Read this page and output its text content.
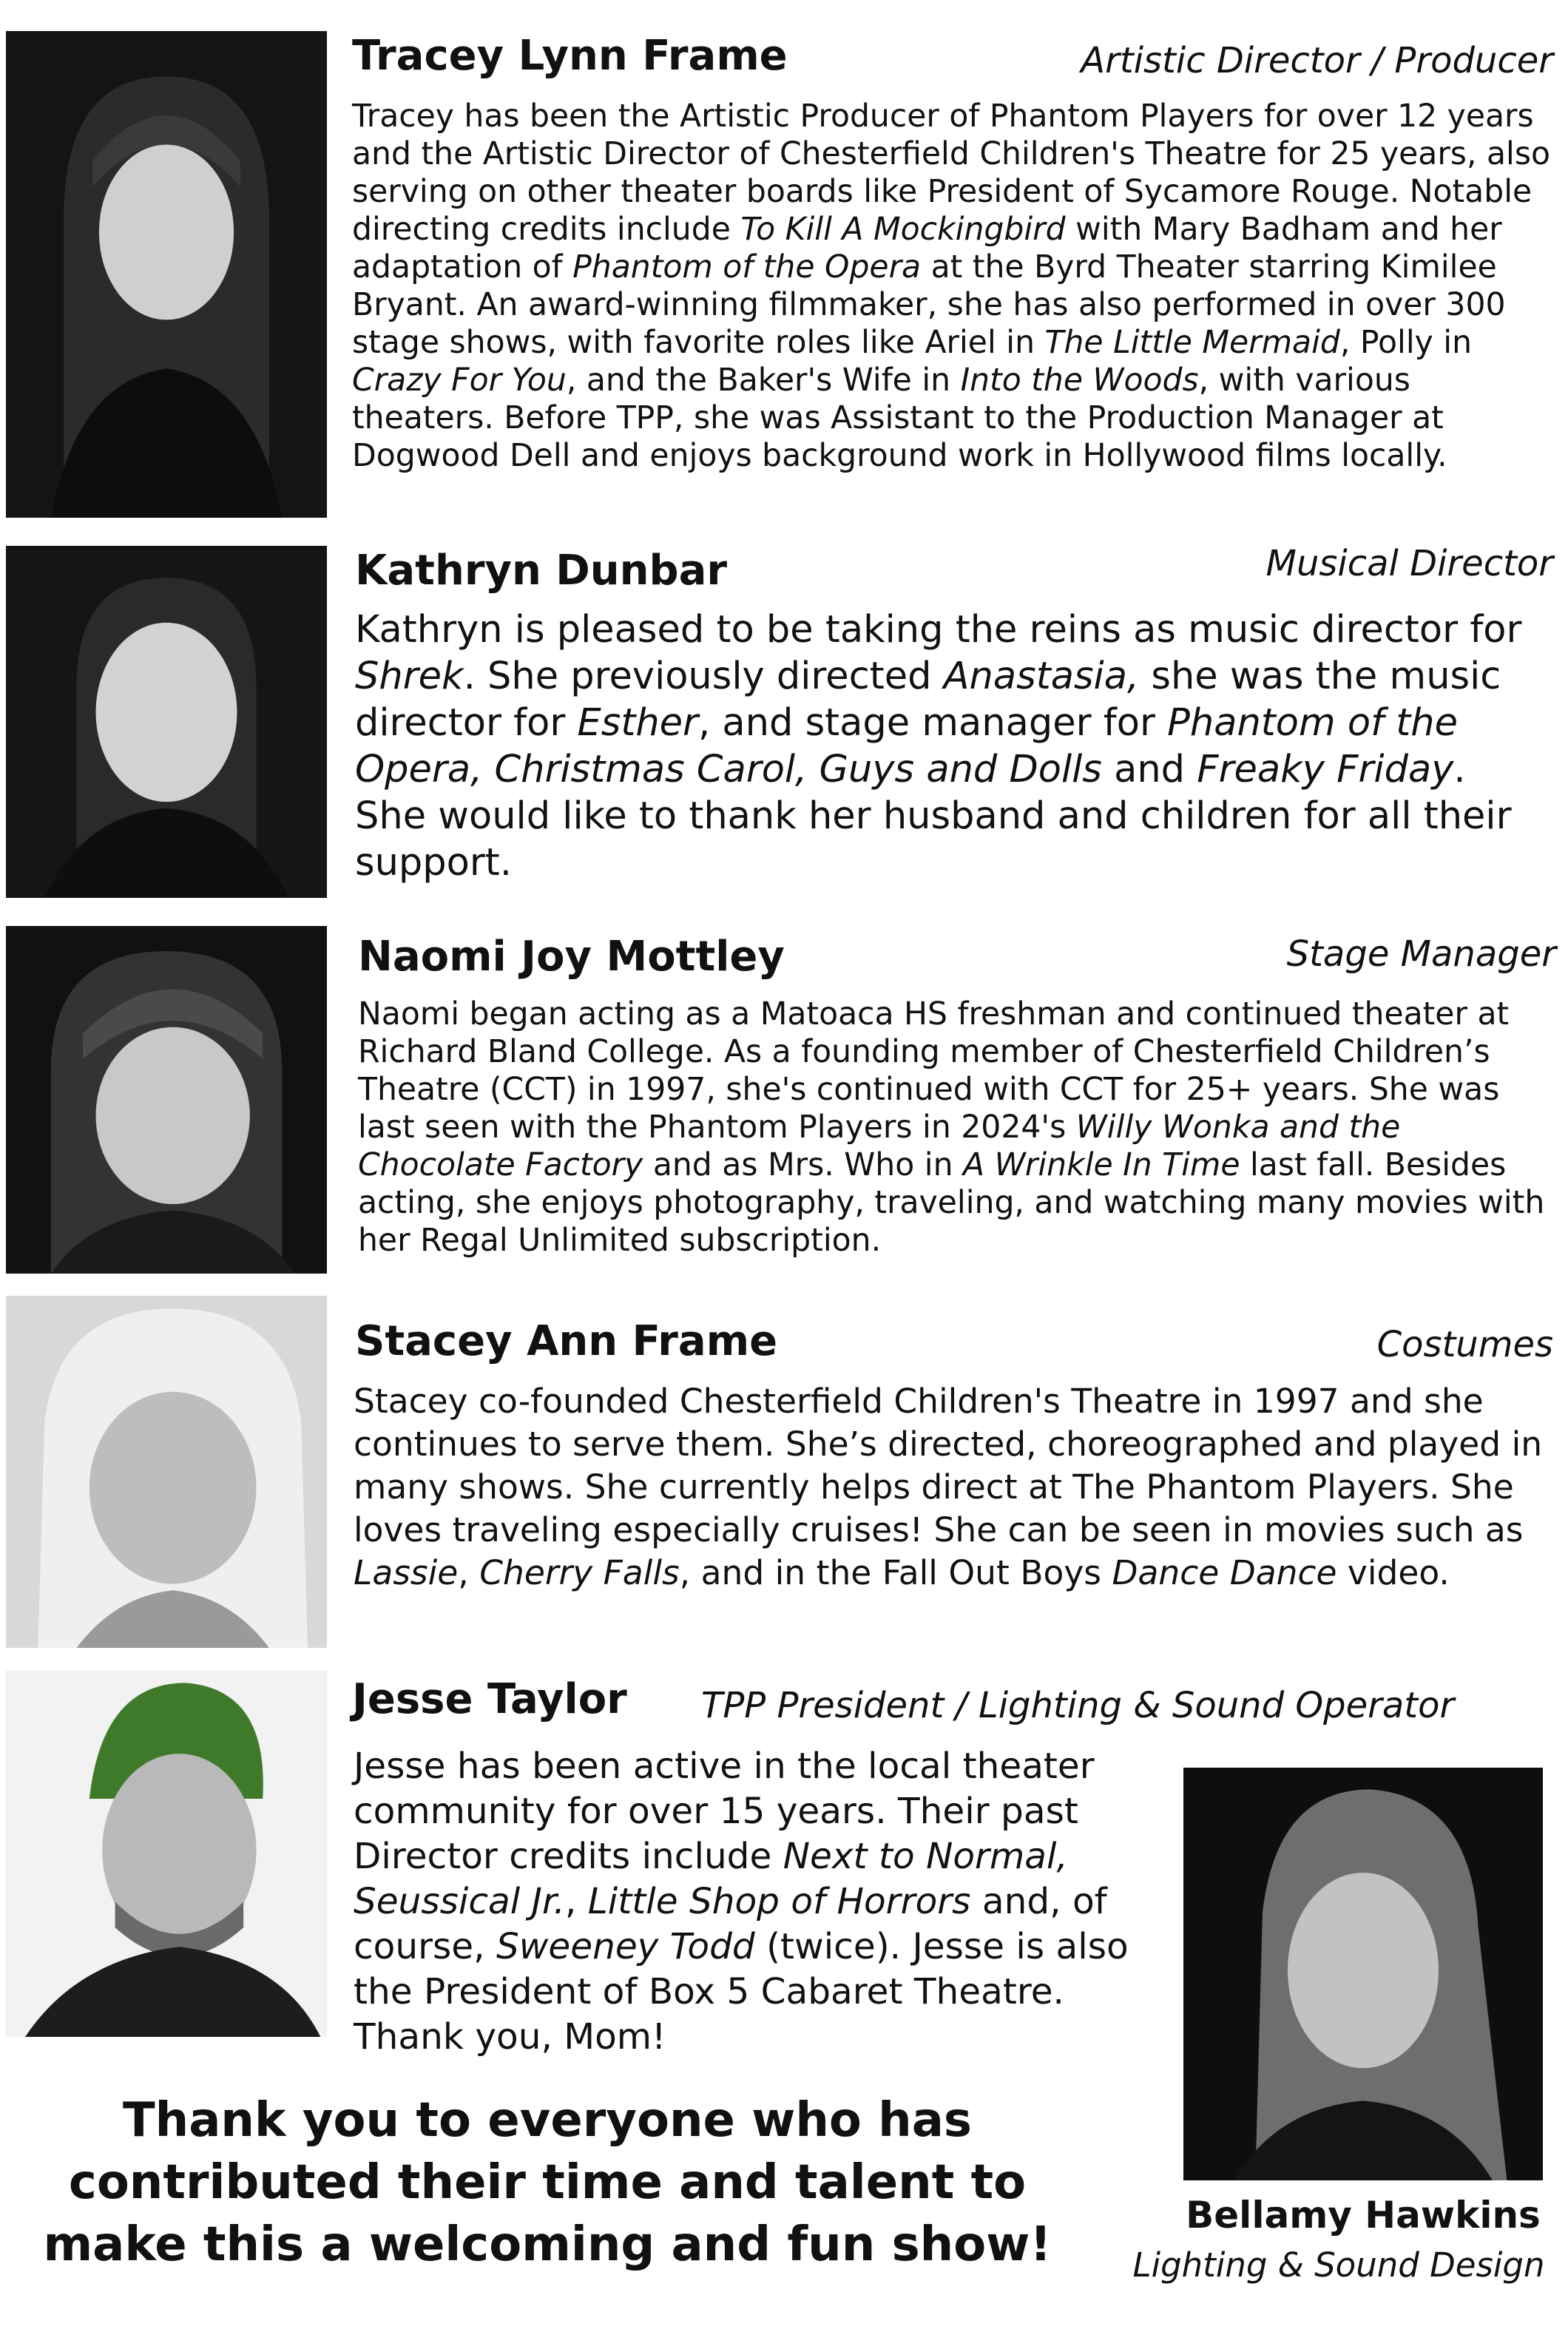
Tracey Lynn Frame	Artistic Director / Producer

Tracey has been the Artistic Producer of Phantom Players for over 12 years and the Artistic Director of Chesterfield Children's Theatre for 25 years, also serving on other theater boards like President of Sycamore Rouge. Notable directing credits include To Kill A Mockingbird with Mary Badham and her adaptation of Phantom of the Opera at the Byrd Theater starring Kimilee Bryant. An award-winning filmmaker, she has also performed in over 300 stage shows, with favorite roles like Ariel in The Little Mermaid, Polly in Crazy For You, and the Baker's Wife in Into the Woods, with various theaters. Before TPP, she was Assistant to the Production Manager at Dogwood Dell and enjoys background work in Hollywood films locally.

Kathryn Dunbar	Musical Director

Kathryn is pleased to be taking the reins as music director for Shrek. She previously directed Anastasia, she was the music director for Esther, and stage manager for Phantom of the Opera, Christmas Carol, Guys and Dolls and Freaky Friday. She would like to thank her husband and children for all their support.

Naomi Joy Mottley	Stage Manager

Naomi began acting as a Matoaca HS freshman and continued theater at Richard Bland College. As a founding member of Chesterfield Children’s Theatre (CCT) in 1997, she's continued with CCT for 25+ years. She was last seen with the Phantom Players in 2024's Willy Wonka and the Chocolate Factory and as Mrs. Who in A Wrinkle In Time last fall. Besides acting, she enjoys photography, traveling, and watching many movies with her Regal Unlimited subscription.

Stacey Ann Frame	Costumes

Stacey co-founded Chesterfield Children's Theatre in 1997 and she continues to serve them. She’s directed, choreographed and played in many shows. She currently helps direct at The Phantom Players. She loves traveling especially cruises! She can be seen in movies such as Lassie, Cherry Falls, and in the Fall Out Boys Dance Dance video.

Jesse Taylor TPP President / Lighting & Sound Operator

Jesse has been active in the local theater community for over 15 years. Their past Director credits include Next to Normal, Seussical Jr., Little Shop of Horrors and, of course, Sweeney Todd (twice). Jesse is also the President of Box 5 Cabaret Theatre. Thank you, Mom!

Bellamy Hawkins
Lighting & Sound Design
Thank you to everyone who has contributed their time and talent to make this a welcoming and fun show!
